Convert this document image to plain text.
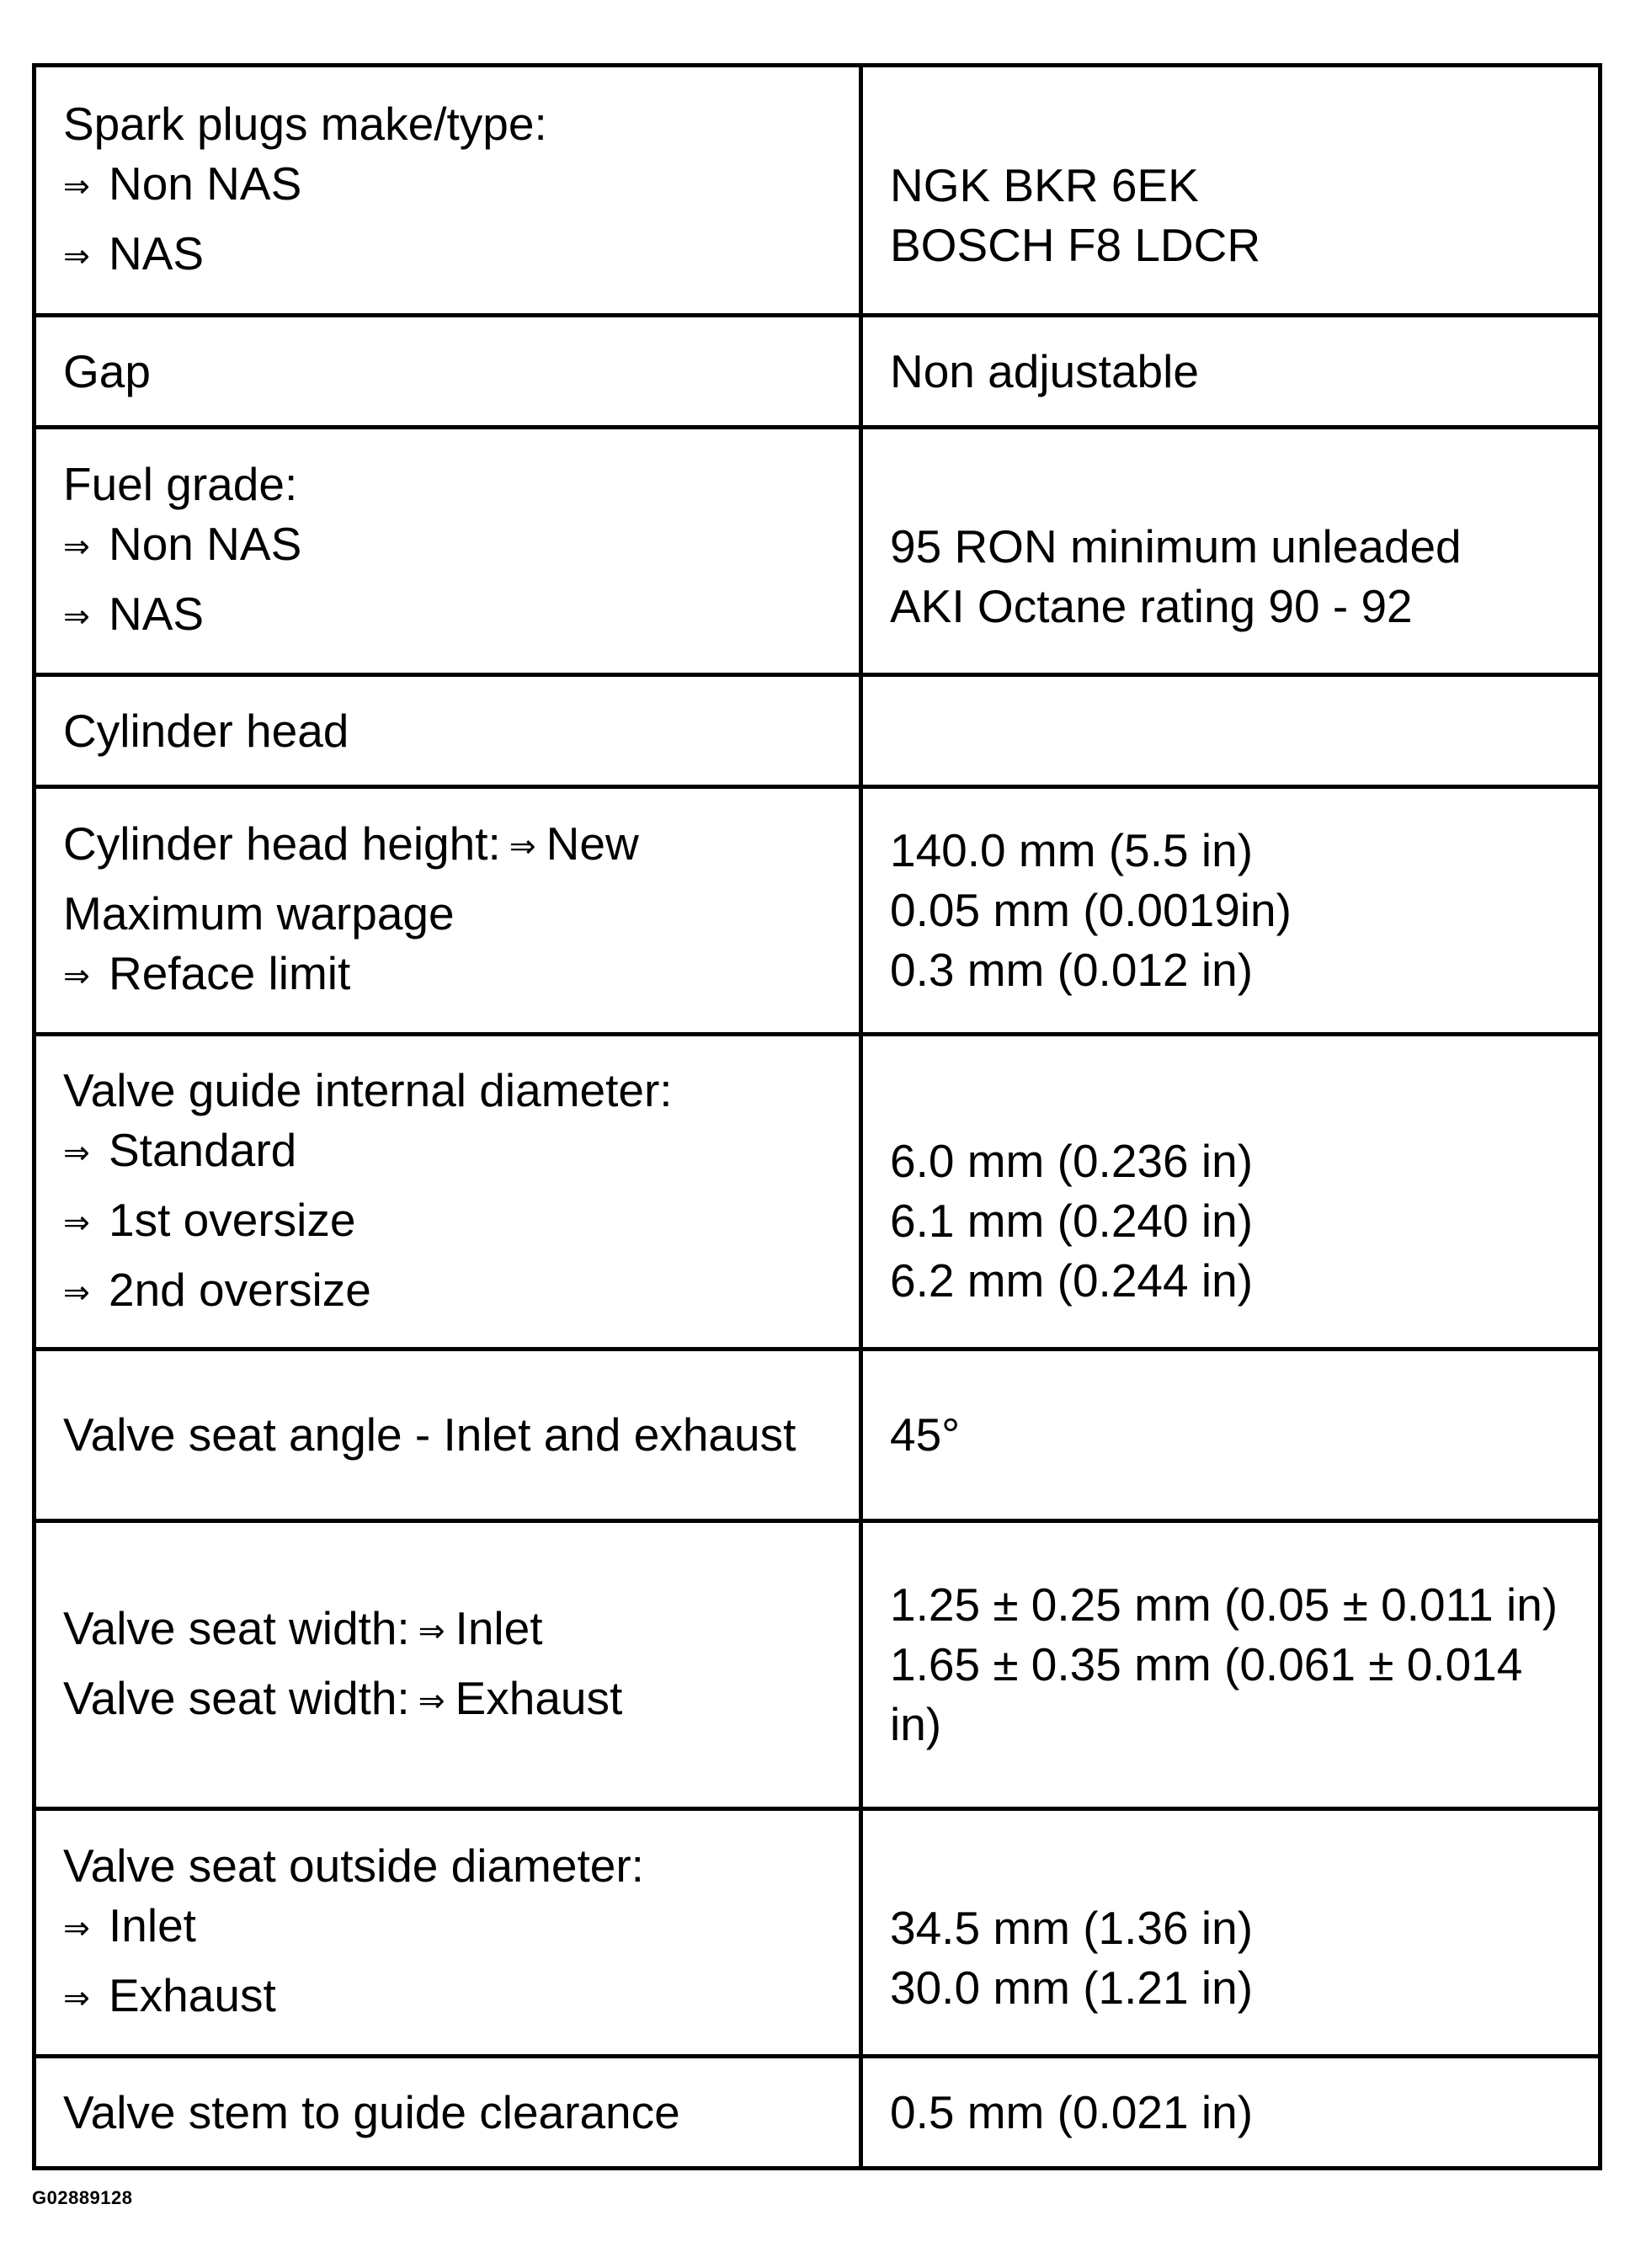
Spark plugs make/type:
⇒ Non NAS
⇒ NAS	NGK BKR 6EK
BOSCH F8 LDCR

Gap	Non adjustable

Fuel grade:
⇒ Non NAS
⇒ NAS	95 RON minimum unleaded
AKI Octane rating 90 - 92

Cylinder head	

Cylinder head height: ⇒ New
Maximum warpage
⇒ Reface limit	140.0 mm (5.5 in)
0.05 mm (0.0019in)
0.3 mm (0.012 in)

Valve guide internal diameter:
⇒ Standard
⇒ 1st oversize
⇒ 2nd oversize	6.0 mm (0.236 in)
6.1 mm (0.240 in)
6.2 mm (0.244 in)

Valve seat angle - Inlet and exhaust	45°

Valve seat width: ⇒ Inlet
Valve seat width: ⇒ Exhaust	1.25 ± 0.25 mm (0.05 ± 0.011 in)
1.65 ± 0.35 mm (0.061 ± 0.014 in)

Valve seat outside diameter:
⇒ Inlet
⇒ Exhaust	34.5 mm (1.36 in)
30.0 mm (1.21 in)

Valve stem to guide clearance	0.5 mm (0.021 in)
G02889128
